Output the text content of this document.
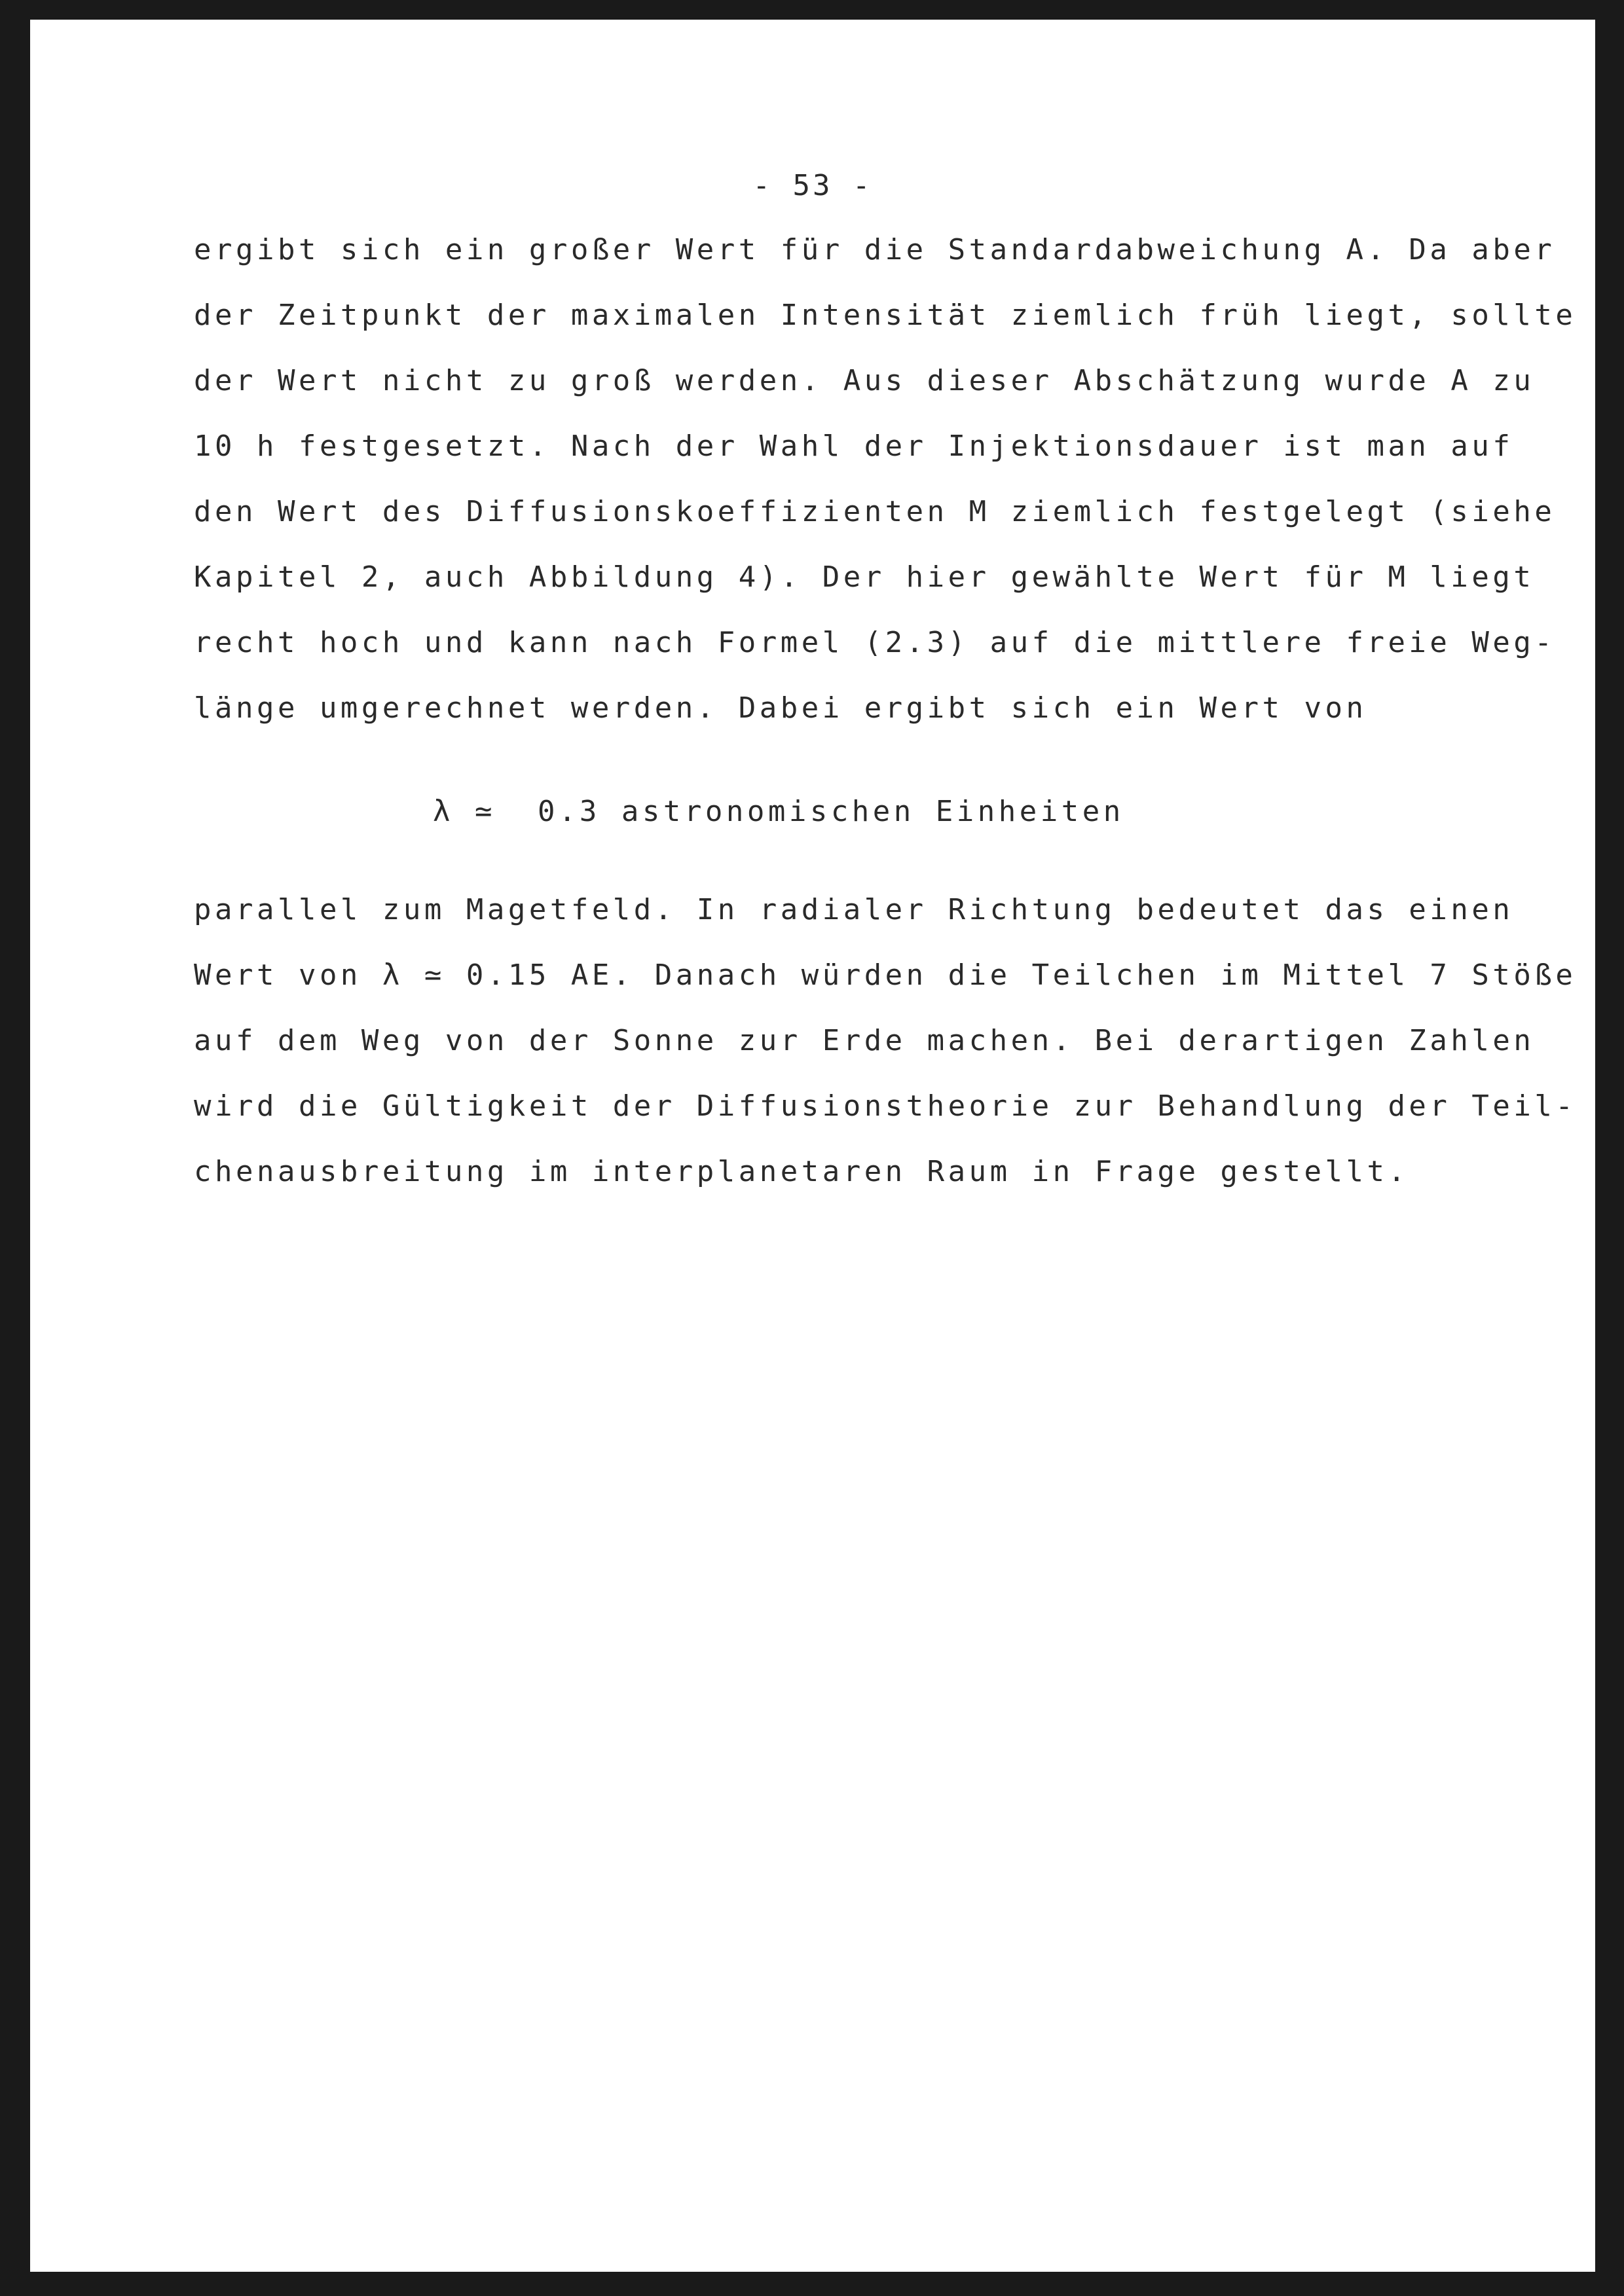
- 53 -

ergibt sich ein großer Wert für die Standardabweichung A. Da aber

der Zeitpunkt der maximalen Intensität ziemlich früh liegt, sollte

der Wert nicht zu groß werden. Aus dieser Abschätzung wurde A zu

10 h festgesetzt. Nach der Wahl der Injektionsdauer ist man auf

den Wert des Diffusionskoeffizienten M ziemlich festgelegt (siehe

Kapitel 2, auch Abbildung 4). Der hier gewählte Wert für M liegt

recht hoch und kann nach Formel (2.3) auf die mittlere freie Weg-

länge umgerechnet werden. Dabei ergibt sich ein Wert von

λ ≃  0.3 astronomischen Einheiten

parallel zum Magetfeld. In radialer Richtung bedeutet das einen

Wert von λ ≃ 0.15 AE. Danach würden die Teilchen im Mittel 7 Stöße

auf dem Weg von der Sonne zur Erde machen. Bei derartigen Zahlen

wird die Gültigkeit der Diffusionstheorie zur Behandlung der Teil-

chenausbreitung im interplanetaren Raum in Frage gestellt.
